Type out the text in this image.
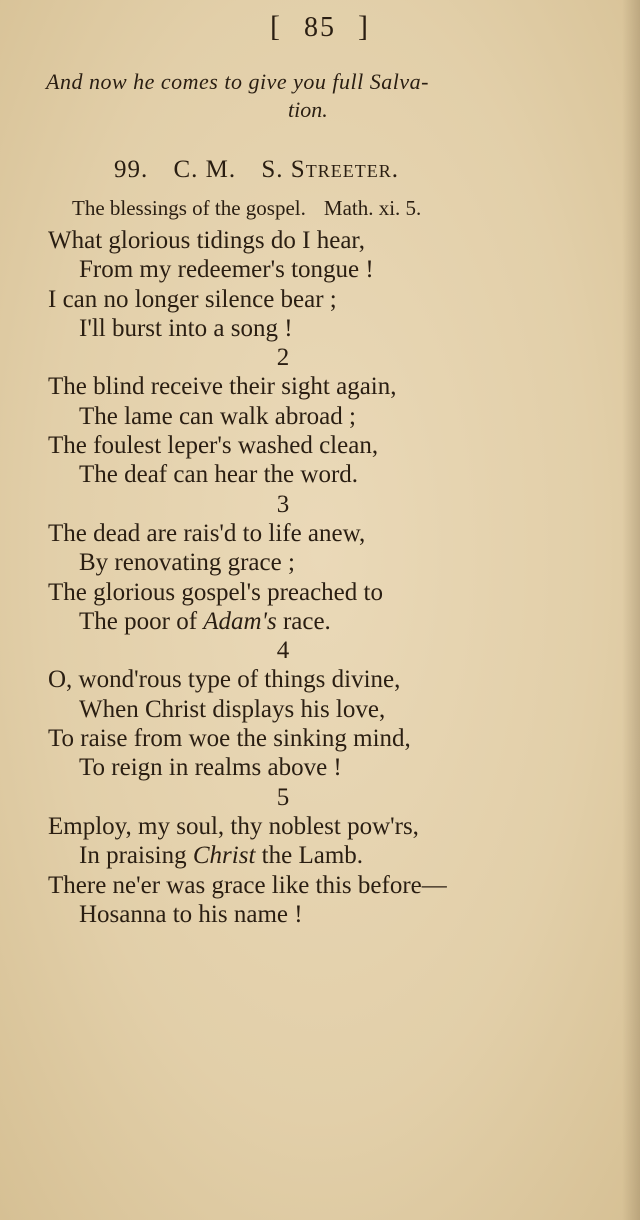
[ 85 ]
And now he comes to give you full Salva-
tion.
99. C. M. S. Streeter.
The blessings of the gospel. Math. xi. 5.
What glorious tidings do I hear,
From my redeemer's tongue !
I can no longer silence bear ;
I'll burst into a song !
2
The blind receive their sight again,
The lame can walk abroad ;
The foulest leper's washed clean,
The deaf can hear the word.
3
The dead are rais'd to life anew,
By renovating grace ;
The glorious gospel's preached to
The poor of Adam's race.
4
O, wond'rous type of things divine,
When Christ displays his love,
To raise from woe the sinking mind,
To reign in realms above !
5
Employ, my soul, thy noblest pow'rs,
In praising Christ the Lamb.
There ne'er was grace like this before—
Hosanna to his name !
